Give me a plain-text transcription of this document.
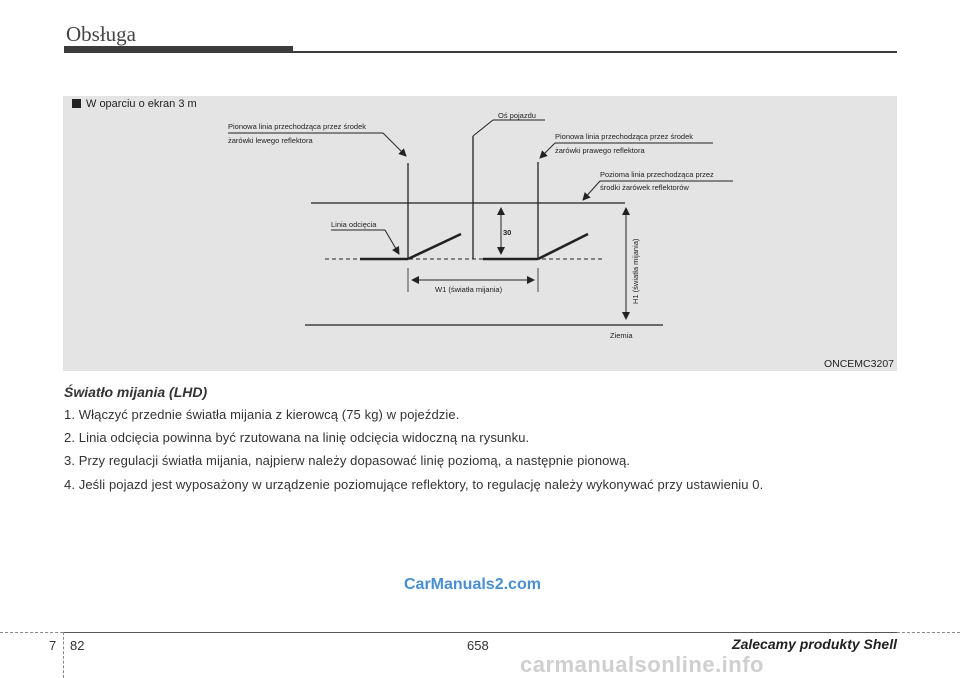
Obsługa
W oparciu o ekran 3 m
30
W1 (światła mijania)	H1 (światła mijania)
Ziemia
Pionowa linia przechodząca przez środek
żarówki lewego reflektora
Oś pojazdu
Pionowa linia przechodząca przez środek
żarówki prawego reflektora
Pozioma linia przechodząca przez
środki żarówek reflektorów
Linia odcięcia
ONCEMC3207
Światło mijania (LHD)
1. Włączyć przednie światła mijania z kierowcą (75 kg) w pojeździe.
2. Linia odcięcia powinna być rzutowana na linię odcięcia widoczną na rysunku.
3. Przy regulacji światła mijania, najpierw należy dopasować linię poziomą, a następnie pionową.
4. Jeśli pojazd jest wyposażony w urządzenie poziomujące reflektory, to regulację należy wykonywać przy ustawieniu 0.
CarManuals2.com
7 82	658	Zalecamy produkty Shell
carmanualsonline.info
